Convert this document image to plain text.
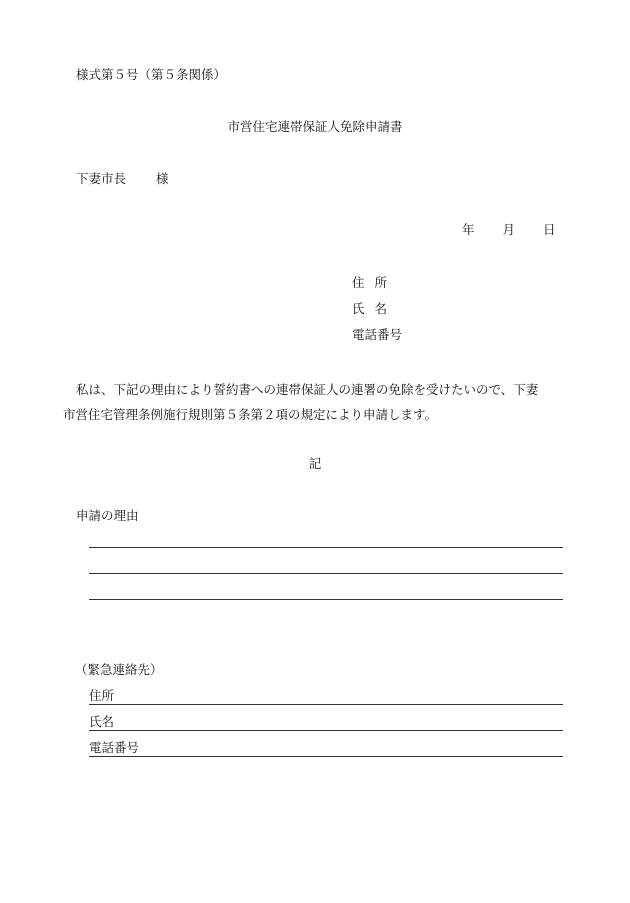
様式第５号（第５条関係）
市営住宅連帯保証人免除申請書
下妻市長 様
年 月 日
住 所
氏 名
電話番号
私は、下記の理由により誓約書への連帯保証人の連署の免除を受けたいので、下妻
市営住宅管理条例施行規則第５条第２項の規定により申請します。
記
申請の理由
（緊急連絡先）
住所
氏名
電話番号
